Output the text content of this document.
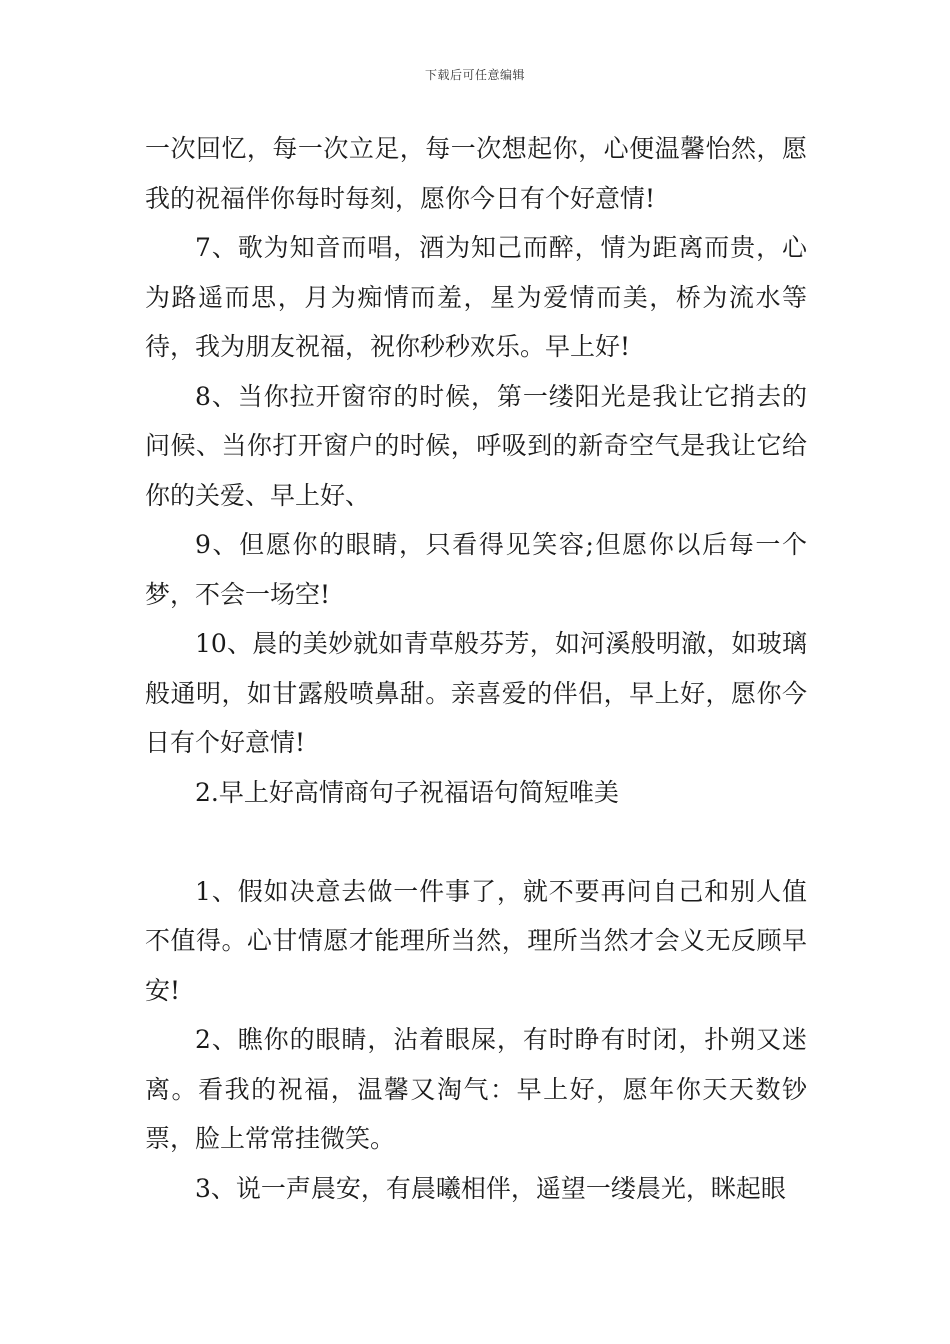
下载后可任意编辑

一次回忆，每一次立足，每一次想起你，心便温馨怡然，愿我的祝福伴你每时每刻，愿你今日有个好意情!

7、歌为知音而唱，酒为知己而醉，情为距离而贵，心为路遥而思，月为痴情而羞，星为爱情而美，桥为流水等待，我为朋友祝福，祝你秒秒欢乐。早上好!

8、当你拉开窗帘的时候，第一缕阳光是我让它捎去的问候、当你打开窗户的时候，呼吸到的新奇空气是我让它给你的关爱、早上好、

9、但愿你的眼睛，只看得见笑容;但愿你以后每一个梦，不会一场空!

10、晨的美妙就如青草般芬芳，如河溪般明澈，如玻璃般通明，如甘露般喷鼻甜。亲喜爱的伴侣，早上好，愿你今日有个好意情!

2.早上好高情商句子祝福语句简短唯美

1、假如决意去做一件事了，就不要再问自己和别人值不值得。心甘情愿才能理所当然，理所当然才会义无反顾早安!

2、瞧你的眼睛，沾着眼屎，有时睁有时闭，扑朔又迷离。看我的祝福，温馨又淘气：早上好，愿年你天天数钞票，脸上常常挂微笑。

3、说一声晨安，有晨曦相伴，遥望一缕晨光，眯起眼
